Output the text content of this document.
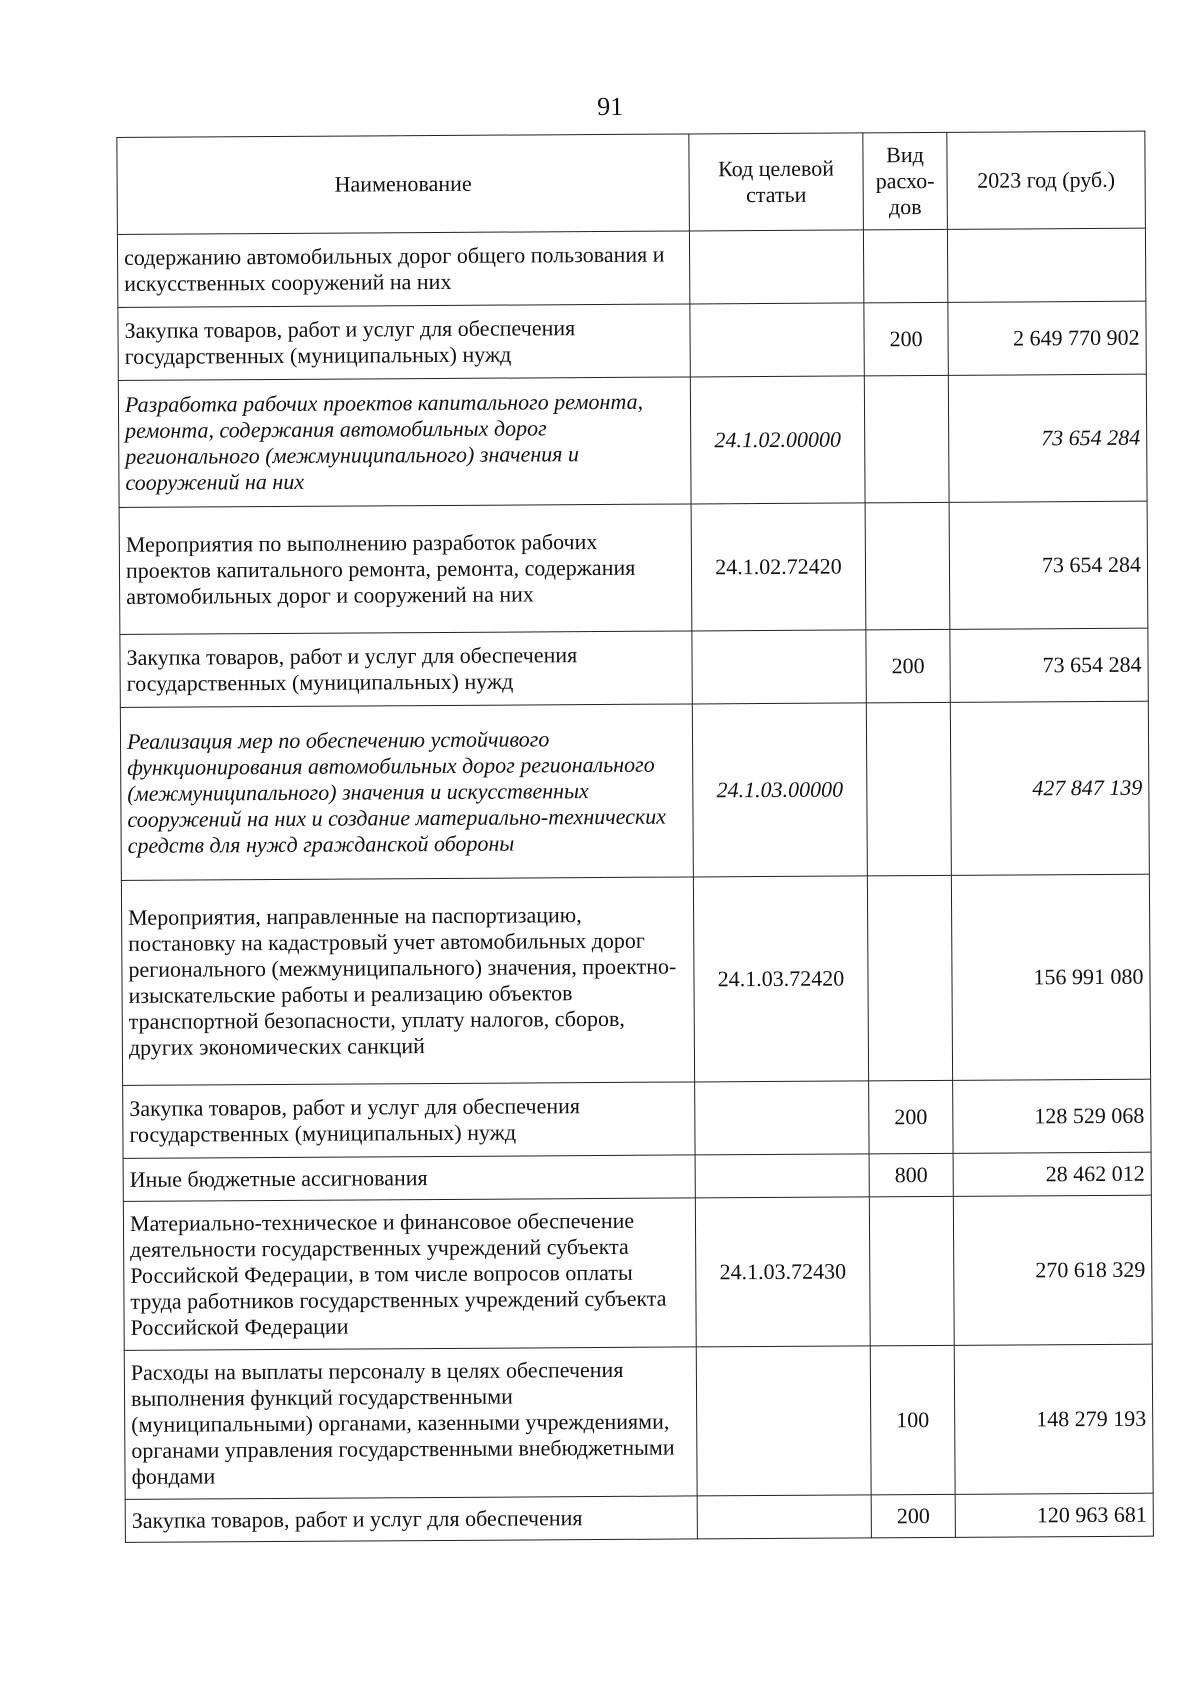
91
Наименование	Код целевой статьи	Вид расхо-дов	2023 год (руб.)
содержанию автомобильных дорог общего пользования и искусственных сооружений на них			
Закупка товаров, работ и услуг для обеспечения государственных (муниципальных) нужд		200	2 649 770 902
Разработка рабочих проектов капитального ремонта, ремонта, содержания автомобильных дорог регионального (межмуниципального) значения и сооружений на них	24.1.02.00000		73 654 284
Мероприятия по выполнению разработок рабочих проектов капитального ремонта, ремонта, содержания автомобильных дорог и сооружений на них	24.1.02.72420		73 654 284
Закупка товаров, работ и услуг для обеспечения государственных (муниципальных) нужд		200	73 654 284
Реализация мер по обеспечению устойчивого функционирования автомобильных дорог регионального (межмуниципального) значения и искусственных сооружений на них и создание материально-технических средств для нужд гражданской обороны	24.1.03.00000		427 847 139
Мероприятия, направленные на паспортизацию, постановку на кадастровый учет автомобильных дорог регионального (межмуниципального) значения, проектно-изыскательские работы и реализацию объектов транспортной безопасности, уплату налогов, сборов, других экономических санкций	24.1.03.72420		156 991 080
Закупка товаров, работ и услуг для обеспечения государственных (муниципальных) нужд		200	128 529 068
Иные бюджетные ассигнования		800	28 462 012
Материально-техническое и финансовое обеспечение деятельности государственных учреждений субъекта Российской Федерации, в том числе вопросов оплаты труда работников государственных учреждений субъекта Российской Федерации	24.1.03.72430		270 618 329
Расходы на выплаты персоналу в целях обеспечения выполнения функций государственными (муниципальными) органами, казенными учреждениями, органами управления государственными внебюджетными фондами		100	148 279 193
Закупка товаров, работ и услуг для обеспечения		200	120 963 681
